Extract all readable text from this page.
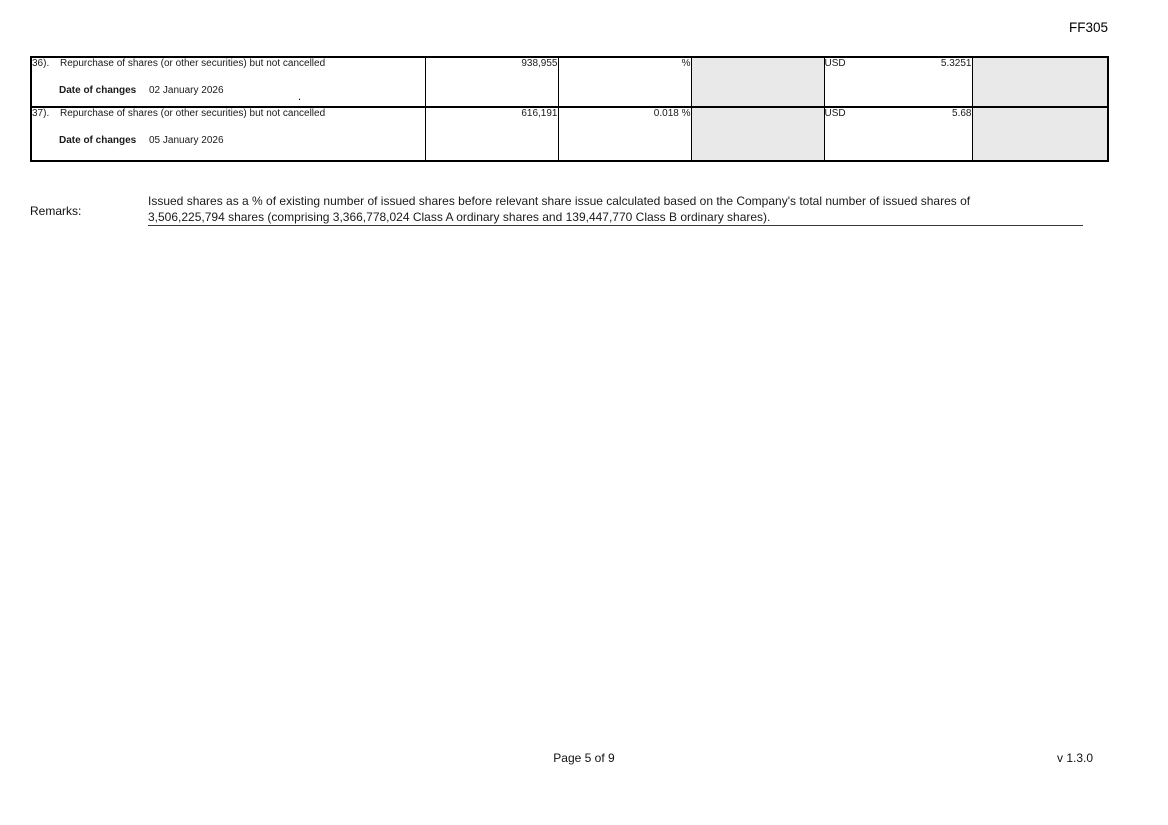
FF305
36).	Repurchase of shares (or other securities) but not cancelled
Date of changes	02 January 2026
.
	938,955	%		USD	5.3251

37).	Repurchase of shares (or other securities) but not cancelled
Date of changes	05 January 2026
	616,191	0.018 %		USD	5.68

Remarks:
Issued shares as a % of existing number of issued shares before relevant share issue calculated based on the Company's total number of issued shares of
3,506,225,794 shares (comprising 3,366,778,024 Class A ordinary shares and 139,447,770 Class B ordinary shares).
Page 5 of 9	v 1.3.0
